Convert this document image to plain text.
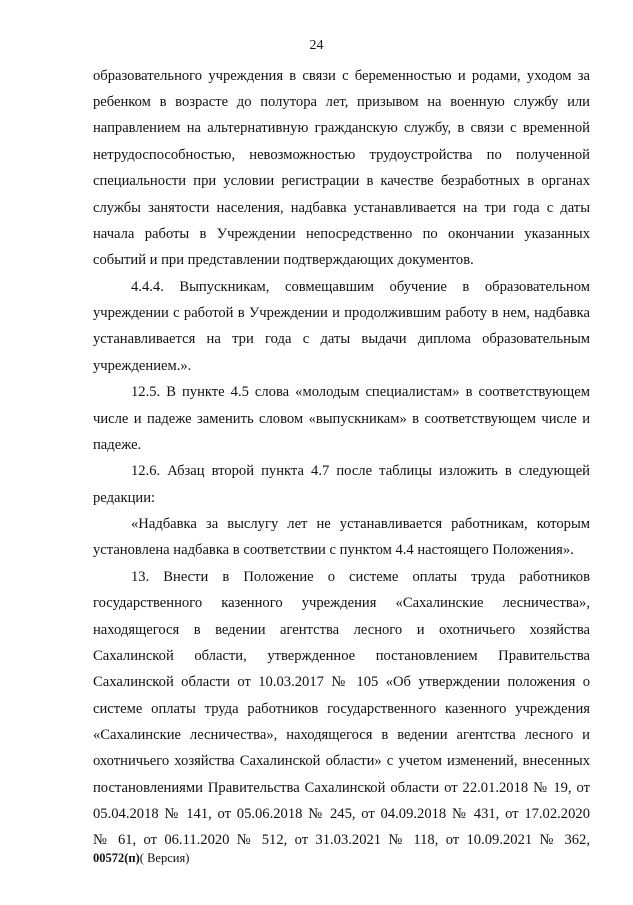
24
образовательного учреждения в связи с беременностью и родами, уходом за
ребенком в возрасте до полутора лет, призывом на военную службу или
направлением на альтернативную гражданскую службу, в связи с временной
нетрудоспособностью, невозможностью трудоустройства по полученной
специальности при условии регистрации в качестве безработных в органах
службы занятости населения, надбавка устанавливается на три года с даты
начала работы в Учреждении непосредственно по окончании указанных
событий и при представлении подтверждающих документов.
4.4.4. Выпускникам, совмещавшим обучение в образовательном
учреждении с работой в Учреждении и продолжившим работу в нем, надбавка
устанавливается на три года с даты выдачи диплома образовательным
учреждением.».
12.5. В пункте 4.5 слова «молодым специалистам» в соответствующем
числе и падеже заменить словом «выпускникам» в соответствующем числе и
падеже.
12.6. Абзац второй пункта 4.7 после таблицы изложить в следующей
редакции:
«Надбавка за выслугу лет не устанавливается работникам, которым
установлена надбавка в соответствии с пунктом 4.4 настоящего Положения».
13. Внести в Положение о системе оплаты труда работников
государственного казенного учреждения «Сахалинские лесничества»,
находящегося в ведении агентства лесного и охотничьего хозяйства
Сахалинской области, утвержденное постановлением Правительства
Сахалинской области от 10.03.2017 № 105 «Об утверждении положения о
системе оплаты труда работников государственного казенного учреждения
«Сахалинские лесничества», находящегося в ведении агентства лесного и
охотничьего хозяйства Сахалинской области» с учетом изменений, внесенных
постановлениями Правительства Сахалинской области от 22.01.2018 № 19, от
05.04.2018 № 141, от 05.06.2018 № 245, от 04.09.2018 № 431, от 17.02.2020
№ 61, от 06.11.2020 № 512, от 31.03.2021 № 118, от 10.09.2021 № 362,
00572(п)( Версия)
